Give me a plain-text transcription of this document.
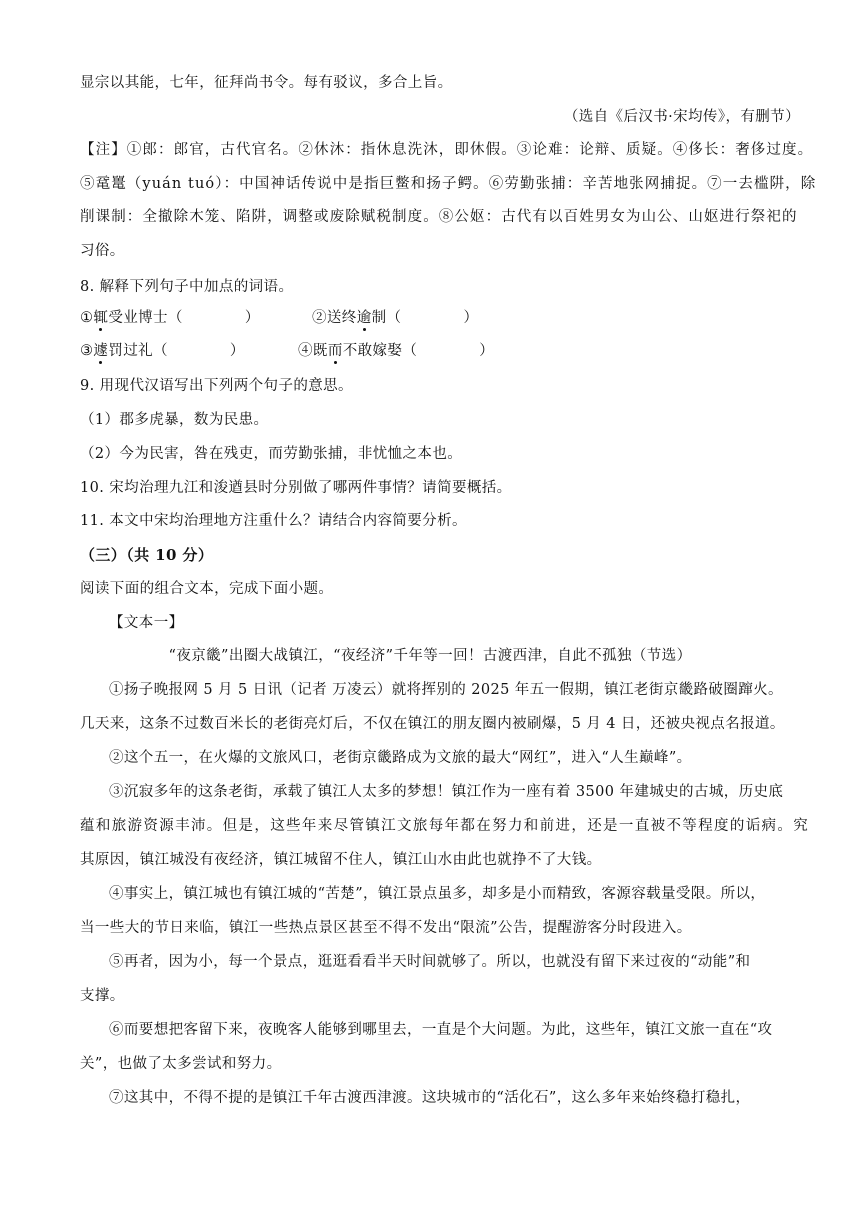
显宗以其能，七年，征拜尚书令。每有驳议，多合上旨。
（选自《后汉书·宋均传》，有删节）
【注】①郎：郎官，古代官名。②休沐：指休息洗沐，即休假。③论难：论辩、质疑。④侈长：奢侈过度。
⑤鼋鼍（yuán tuó）：中国神话传说中是指巨鳖和扬子鳄。⑥劳勤张捕：辛苦地张网捕捉。⑦一去槛阱，除
削课制：全撤除木笼、陷阱，调整或废除赋税制度。⑧公妪：古代有以百姓男女为山公、山妪进行祭祀的
习俗。
8. 解释下列句子中加点的词语。
①辄受业博士（	）	②送终逾制（	）
③遽罚过礼（	）	④既而不敢嫁娶（	）
9. 用现代汉语写出下列两个句子的意思。
（1）郡多虎暴，数为民患。
（2）今为民害，咎在残吏，而劳勤张捕，非忧恤之本也。
10. 宋均治理九江和浚遒县时分别做了哪两件事情？请简要概括。
11. 本文中宋均治理地方注重什么？请结合内容简要分析。
（三）（共 10 分）
阅读下面的组合文本，完成下面小题。
【文本一】
“夜京畿”出圈大战镇江，“夜经济”千年等一回！古渡西津，自此不孤独（节选）
①扬子晚报网 5 月 5 日讯（记者 万凌云）就将挥别的 2025 年五一假期，镇江老街京畿路破圈蹿火。
几天来，这条不过数百米长的老街亮灯后，不仅在镇江的朋友圈内被刷爆，5 月 4 日，还被央视点名报道。
②这个五一，在火爆的文旅风口，老街京畿路成为文旅的最大“网红”，进入“人生巅峰”。
③沉寂多年的这条老街，承载了镇江人太多的梦想！镇江作为一座有着 3500 年建城史的古城，历史底
蕴和旅游资源丰沛。但是，这些年来尽管镇江文旅每年都在努力和前进，还是一直被不等程度的诟病。究
其原因，镇江城没有夜经济，镇江城留不住人，镇江山水由此也就挣不了大钱。
④事实上，镇江城也有镇江城的“苦楚”，镇江景点虽多，却多是小而精致，客源容载量受限。所以，
当一些大的节日来临，镇江一些热点景区甚至不得不发出“限流”公告，提醒游客分时段进入。
⑤再者，因为小，每一个景点，逛逛看看半天时间就够了。所以，也就没有留下来过夜的“动能”和
支撑。
⑥而要想把客留下来，夜晚客人能够到哪里去，一直是个大问题。为此，这些年，镇江文旅一直在“攻
关”，也做了太多尝试和努力。
⑦这其中，不得不提的是镇江千年古渡西津渡。这块城市的“活化石”，这么多年来始终稳打稳扎，
